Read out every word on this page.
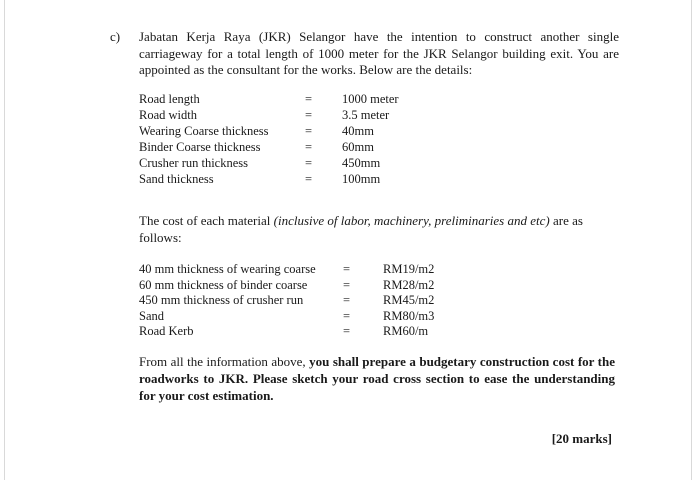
c) Jabatan Kerja Raya (JKR) Selangor have the intention to construct another single carriageway for a total length of 1000 meter for the JKR Selangor building exit. You are appointed as the consultant for the works. Below are the details:
Road length	= 1000 meter
Road width	= 3.5 meter
Wearing Coarse thickness	= 40mm
Binder Coarse thickness	= 60mm
Crusher run thickness	= 450mm
Sand thickness	= 100mm
The cost of each material (inclusive of labor, machinery, preliminaries and etc) are as follows:
40 mm thickness of wearing coarse =	RM19/m2
60 mm thickness of binder coarse	=	RM28/m2
450 mm thickness of crusher run	=	RM45/m2
Sand	=	RM80/m3
Road Kerb	=	RM60/m
From all the information above, you shall prepare a budgetary construction cost for the roadworks to JKR. Please sketch your road cross section to ease the understanding for your cost estimation.
[20 marks]
